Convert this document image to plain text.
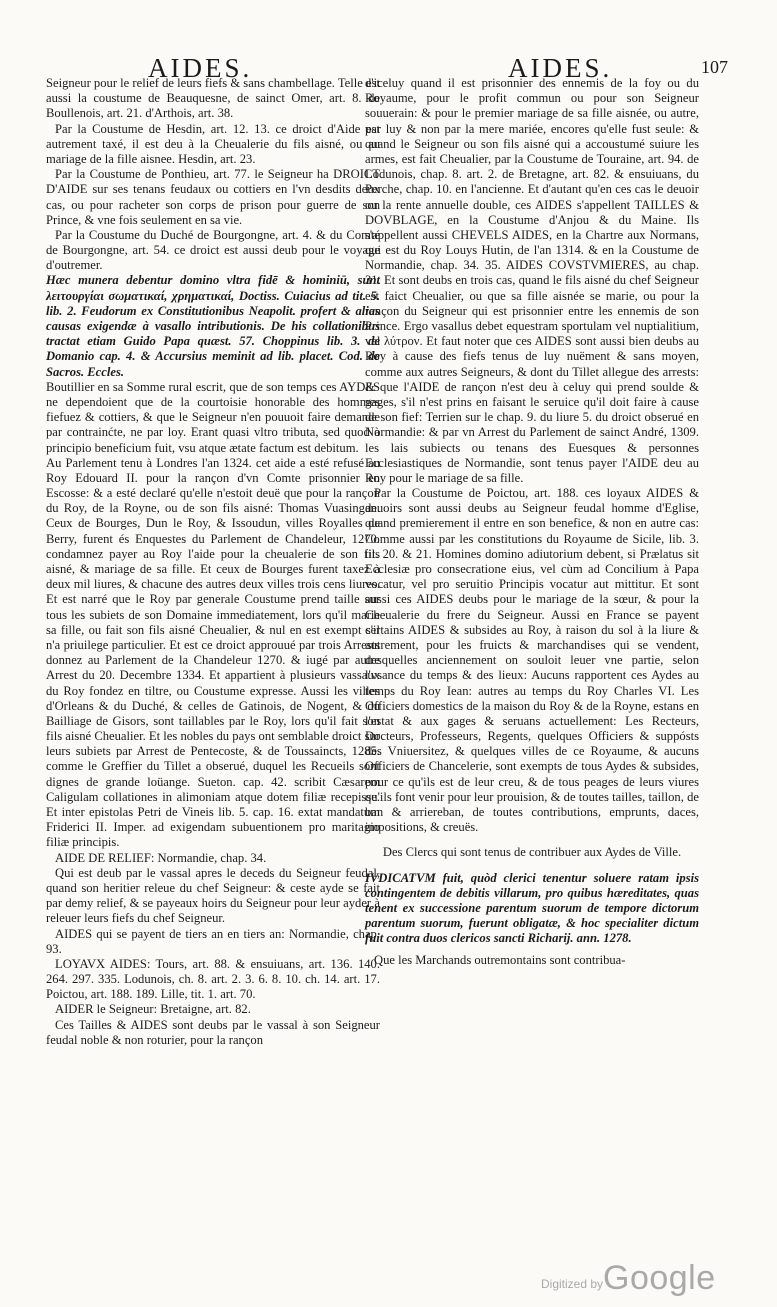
AIDES.	AIDES.	107

Seigneur pour le relief de leurs fiefs & sans chambellage. Telle est aussi la coustume de Beauquesne, de sainct Omer, art. 8. de Boullenois, art. 21. d'Arthois, art. 38.

Par la Coustume de Hesdin, art. 12. 13. ce droict d'Aide est autrement taxé, il est deu à la Cheualerie du fils aisné, ou au mariage de la fille aisnee. Hesdin, art. 23.

Par la Coustume de Ponthieu, art. 77. le Seigneur ha DROICT D'AIDE sur ses tenans feudaux ou cottiers en l'vn desdits deux cas, ou pour racheter son corps de prison pour guerre de son Prince, & vne fois seulement en sa vie.

Par la Coustume du Duché de Bourgongne, art. 4. & du Comté de Bourgongne, art. 54. ce droict est aussi deub pour le voyage d'outremer.

Hæc munera debentur domino vltra fidē & hominiū, sunt λειτουργίαι σωματικαί, χρηματικαί, Doctiss. Cuiacius ad tit. 5. lib. 2. Feudorum ex Constitutionibus Neapolit. profert & alias causas exigendæ à vasallo intributionis. De his collationibus tractat etiam Guido Papa quæst. 57. Choppinus lib. 3. de Domanio cap. 4. & Accursius meminit ad lib. placet. Cod. de Sacros. Eccles.

Boutillier en sa Somme rural escrit, que de son temps ces AYDES ne dependoient que de la courtoisie honorable des hommes fiefuez & cottiers, & que le Seigneur n'en pouuoit faire demande par contrainćte, ne par loy. Erant quasi vltro tributa, sed quod à principio beneficium fuit, vsu atque ætate factum est debitum.

Au Parlement tenu à Londres l'an 1324. cet aide a esté refusé au Roy Edouard II. pour la rançon d'vn Comte prisonnier en Escosse: & a esté declaré qu'elle n'estoit deuë que pour la rançon du Roy, de la Royne, ou de son fils aisné: Thomas Vuasingan. Ceux de Bourges, Dun le Roy, & Issoudun, villes Royalles de Berry, furent és Enquestes du Parlement de Chandeleur, 1270. condamnez payer au Roy l'aide pour la cheualerie de son fils aisné, & mariage de sa fille. Et ceux de Bourges furent taxez à deux mil liures, & chacune des autres deux villes trois cens liures. Et est narré que le Roy par generale Coustume prend taille sur tous les subiets de son Domaine immediatement, lors qu'il marie sa fille, ou fait son fils aisné Cheualier, & nul en est exempt s'il n'a priuilege particulier. Et est ce droict approuué par trois Arrests donnez au Parlement de la Chandeleur 1270. & iugé par autre Arrest du 20. Decembre 1334. Et appartient à plusieurs vassaux du Roy fondez en tiltre, ou Coustume expresse. Aussi les villes d'Orleans & du Duché, & celles de Gatinois, de Nogent, & du Bailliage de Gisors, sont taillables par le Roy, lors qu'il fait son fils aisné Cheualier. Et les nobles du pays ont semblable droict sur leurs subiets par Arrest de Pentecoste, & de Toussaincts, 1285. comme le Greffier du Tillet a obserué, duquel les Recueils sont dignes de grande loüange. Sueton. cap. 42. scribit Cæsarem Caligulam collationes in alimoniam atque dotem filiæ recepisse. Et inter epistolas Petri de Vineis lib. 5. cap. 16. extat mandatum Friderici II. Imper. ad exigendam subuentionem pro maritagio filiæ principis.

AIDE DE RELIEF: Normandie, chap. 34.

Qui est deub par le vassal apres le deceds du Seigneur feudal, quand son heritier releue du chef Seigneur: & ceste ayde se fait par demy relief, & se payeaux hoirs du Seigneur pour leur ayder à releuer leurs fiefs du chef Seigneur.

AIDES qui se payent de tiers an en tiers an: Normandie, chap. 93.

LOYAVX AIDES: Tours, art. 88. & ensuiuans, art. 136. 140. 264. 297. 335. Lodunois, ch. 8. art. 2. 3. 6. 8. 10. ch. 14. art. 17. Poictou, art. 188. 189. Lille, tit. 1. art. 70.

AIDER le Seigneur: Bretaigne, art. 82.

Ces Tailles & AIDES sont deubs par le vassal à son Seigneur feudal noble & non roturier, pour la rançon

d'iceluy quand il est prisonnier des ennemis de la foy ou du Royaume, pour le profit commun ou pour son Seigneur souuerain: & pour le premier mariage de sa fille aisnée, ou autre, par luy & non par la mere mariée, encores qu'elle fust seule: & quand le Seigneur ou son fils aisné qui a accoustumé suiure les armes, est fait Cheualier, par la Coustume de Touraine, art. 94. de Lodunois, chap. 8. art. 2. de Bretagne, art. 82. & ensuiuans, du Perche, chap. 10. en l'ancienne. Et d'autant qu'en ces cas le deuoir ou la rente annuelle double, ces AIDES s'appellent TAILLES & DOVBLAGE, en la Coustume d'Anjou & du Maine. Ils s'appellent aussi CHEVELS AIDES, en la Chartre aux Normans, qui est du Roy Louys Hutin, de l'an 1314. & en la Coustume de Normandie, chap. 34. 35. AIDES COVSTVMIERES, au chap. 31. Et sont deubs en trois cas, quand le fils aisné du chef Seigneur est faict Cheualier, ou que sa fille aisnée se marie, ou pour la rançon du Seigneur qui est prisonnier entre les ennemis de son Prince. Ergo vasallus debet equestram sportulam vel nuptialitium, vel λύτρον. Et faut noter que ces AIDES sont aussi bien deubs au Roy à cause des fiefs tenus de luy nuëment & sans moyen, comme aux autres Seigneurs, & dont du Tillet allegue des arrests: & que l'AIDE de rançon n'est deu à celuy qui prend soulde & gages, s'il n'est prins en faisant le seruice qu'il doit faire à cause de son fief: Terrien sur le chap. 9. du liure 5. du droict obserué en Normandie: & par vn Arrest du Parlement de sainct André, 1309. les lais subiects ou tenans des Euesques & personnes Ecclesiastiques de Normandie, sont tenus payer l'AIDE deu au Roy pour le mariage de sa fille.

Par la Coustume de Poictou, art. 188. ces loyaux AIDES & deuoirs sont aussi deubs au Seigneur feudal homme d'Eglise, quand premierement il entre en son benefice, & non en autre cas: Comme aussi par les constitutions du Royaume de Sicile, lib. 3. tit. 20. & 21. Homines domino adiutorium debent, si Prælatus sit Ecclesiæ pro consecratione eius, vel cùm ad Concilium à Papa vocatur, vel pro seruitio Principis vocatur aut mittitur. Et sont aussi ces AIDES deubs pour le mariage de la sœur, & pour la Cheualerie du frere du Seigneur. Aussi en France se payent certains AIDES & subsides au Roy, à raison du sol à la liure & autrement, pour les fruicts & marchandises qui se vendent, desquelles anciennement on souloit leuer vne partie, selon l'vsance du temps & des lieux: Aucuns rapportent ces Aydes au temps du Roy Iean: autres au temps du Roy Charles VI. Les Officiers domestics de la maison du Roy & de la Royne, estans en l'estat & aux gages & seruans actuellement: Les Recteurs, Docteurs, Professeurs, Regents, quelques Officiers & suppósts des Vniuersitez, & quelques villes de ce Royaume, & aucuns Officiers de Chancelerie, sont exempts de tous Aydes & subsides, pour ce qu'ils est de leur creu, & de tous peages de leurs viures qu'ils font venir pour leur prouision, & de toutes tailles, taillon, de ban & arriereban, de toutes contributions, emprunts, daces, impositions, & creuës.

Des Clercs qui sont tenus de contribuer aux Aydes de Ville.

IVDICATVM fuit, quòd clerici tenentur soluere ratam ipsis contingentem de debitis villarum, pro quibus hæreditates, quas tenent ex successione parentum suorum de tempore dictorum parentum suorum, fuerunt obligatæ, & hoc specialiter dictum fuit contra duos clericos sancti Richarij. ann. 1278.

Que les Marchands outremontains sont contribua-

Digitized by Google
